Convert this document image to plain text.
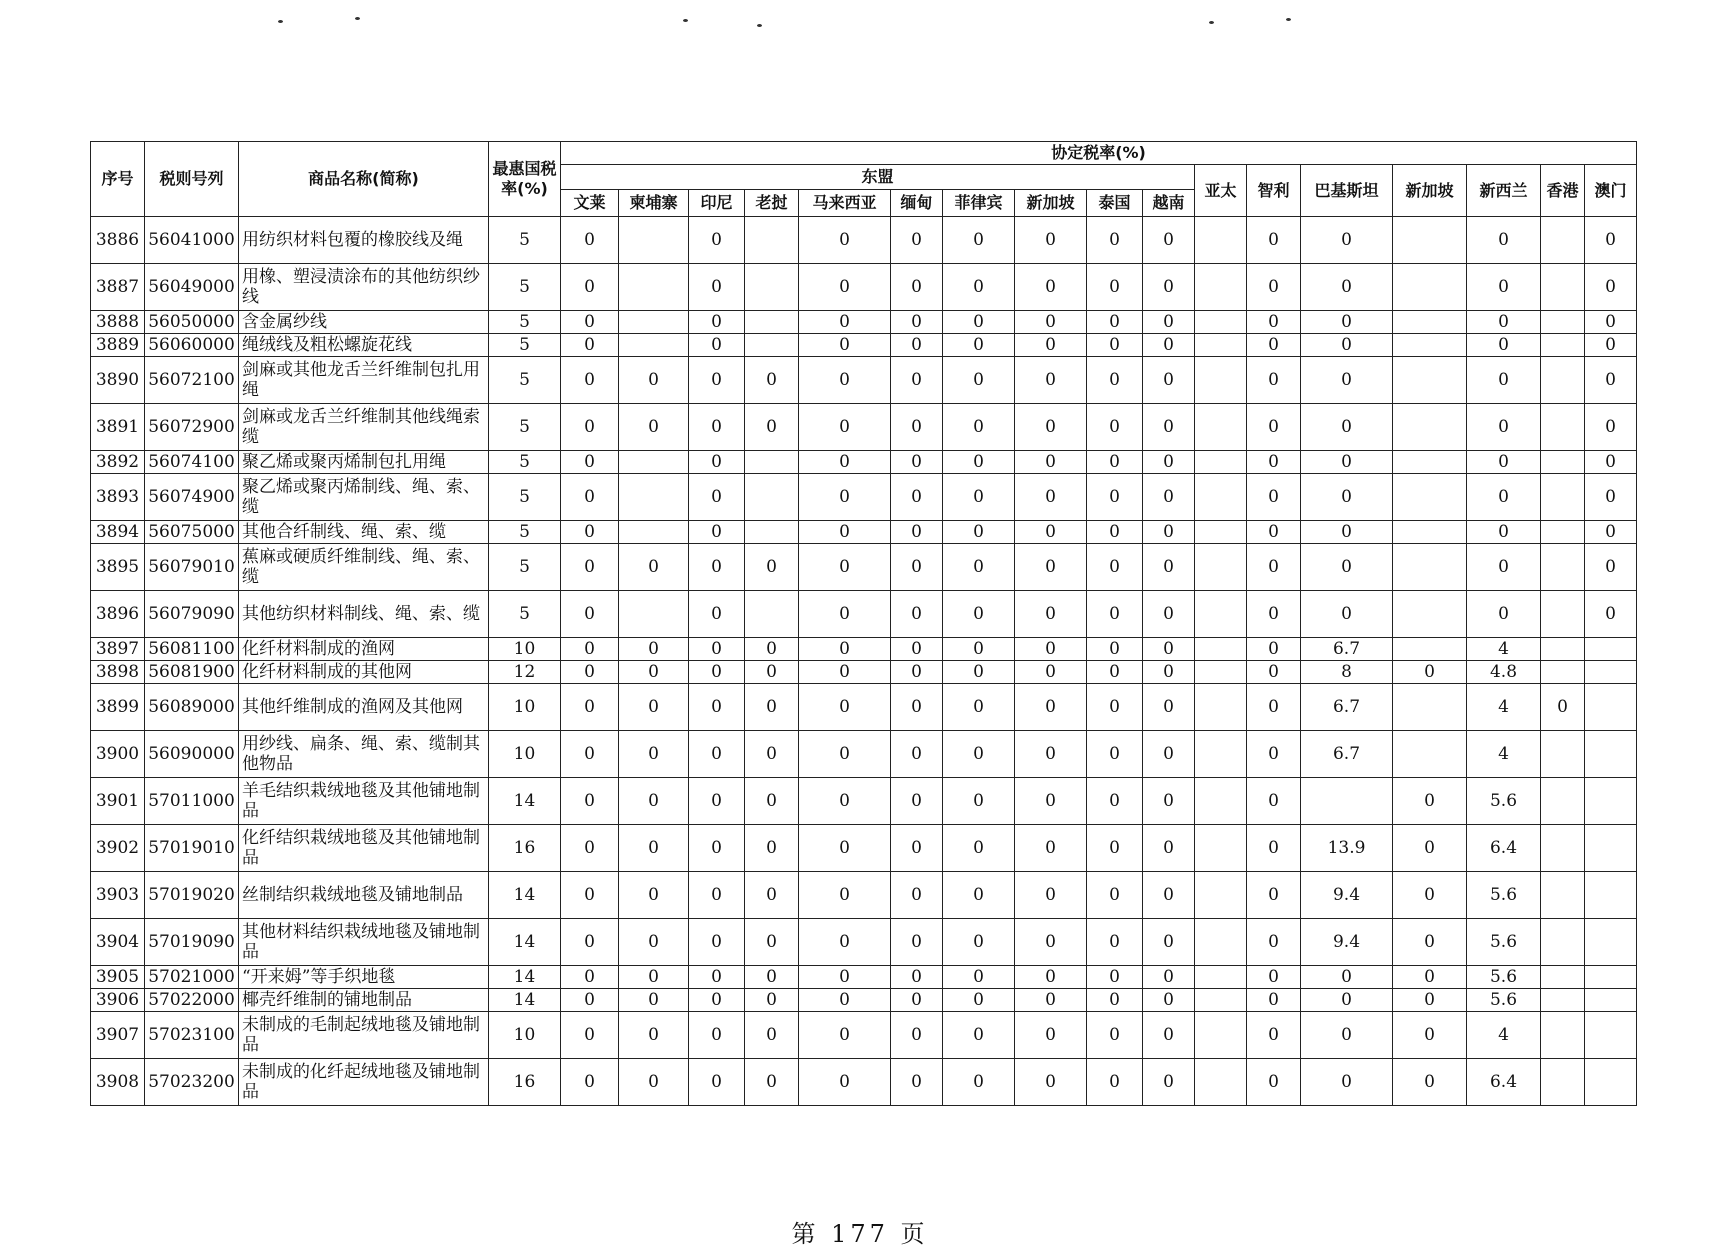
序号	税则号列	商品名称(简称)	最惠国税率(%)	协定税率(%)																
				东盟										亚太	智利	巴基斯坦	新加坡	新西兰	香港	澳门
				文莱	柬埔寨	印尼	老挝	马来西亚	缅甸	菲律宾	新加坡	泰国	越南							
3886	56041000	用纺织材料包覆的橡胶线及绳	5	0		0		0	0	0	0	0	0		0	0		0		0
3887	56049000	用橡、塑浸渍涂布的其他纺织纱线	5	0		0		0	0	0	0	0	0		0	0		0		0
3888	56050000	含金属纱线	5	0		0		0	0	0	0	0	0		0	0		0		0
3889	56060000	绳绒线及粗松螺旋花线	5	0		0		0	0	0	0	0	0		0	0		0		0
3890	56072100	剑麻或其他龙舌兰纤维制包扎用绳	5	0	0	0	0	0	0	0	0	0	0		0	0		0		0
3891	56072900	剑麻或龙舌兰纤维制其他线绳索缆	5	0	0	0	0	0	0	0	0	0	0		0	0		0		0
3892	56074100	聚乙烯或聚丙烯制包扎用绳	5	0		0		0	0	0	0	0	0		0	0		0		0
3893	56074900	聚乙烯或聚丙烯制线、绳、索、缆	5	0		0		0	0	0	0	0	0		0	0		0		0
3894	56075000	其他合纤制线、绳、索、缆	5	0		0		0	0	0	0	0	0		0	0		0		0
3895	56079010	蕉麻或硬质纤维制线、绳、索、缆	5	0	0	0	0	0	0	0	0	0	0		0	0		0		0
3896	56079090	其他纺织材料制线、绳、索、缆	5	0		0		0	0	0	0	0	0		0	0		0		0
3897	56081100	化纤材料制成的渔网	10	0	0	0	0	0	0	0	0	0	0		0	6.7		4		
3898	56081900	化纤材料制成的其他网	12	0	0	0	0	0	0	0	0	0	0		0	8	0	4.8		
3899	56089000	其他纤维制成的渔网及其他网	10	0	0	0	0	0	0	0	0	0	0		0	6.7		4	0	
3900	56090000	用纱线、扁条、绳、索、缆制其他物品	10	0	0	0	0	0	0	0	0	0	0		0	6.7		4		
3901	57011000	羊毛结织栽绒地毯及其他铺地制品	14	0	0	0	0	0	0	0	0	0	0		0		0	5.6		
3902	57019010	化纤结织栽绒地毯及其他铺地制品	16	0	0	0	0	0	0	0	0	0	0		0	13.9	0	6.4		
3903	57019020	丝制结织栽绒地毯及铺地制品	14	0	0	0	0	0	0	0	0	0	0		0	9.4	0	5.6		
3904	57019090	其他材料结织栽绒地毯及铺地制品	14	0	0	0	0	0	0	0	0	0	0		0	9.4	0	5.6		
3905	57021000	“开来姆”等手织地毯	14	0	0	0	0	0	0	0	0	0	0		0	0	0	5.6		
3906	57022000	椰壳纤维制的铺地制品	14	0	0	0	0	0	0	0	0	0	0		0	0	0	5.6		
3907	57023100	未制成的毛制起绒地毯及铺地制品	10	0	0	0	0	0	0	0	0	0	0		0	0	0	4		
3908	57023200	未制成的化纤起绒地毯及铺地制品	16	0	0	0	0	0	0	0	0	0	0		0	0	0	6.4		
第 177 页
